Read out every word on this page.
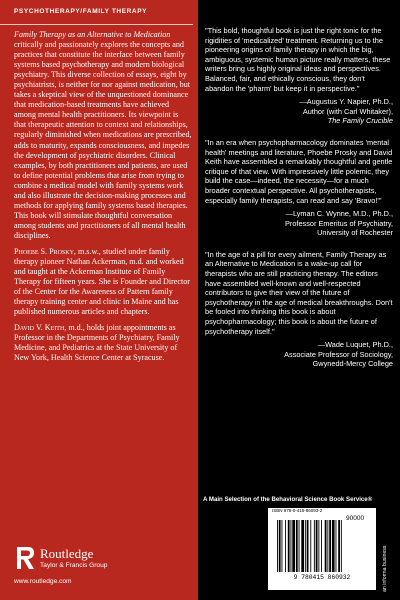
PSYCHOTHERAPY/FAMILY THERAPY

Family Therapy as an Alternative to Medication critically and passionately explores the concepts and practices that constitute the interface between family systems based psychotherapy and modern biological psychiatry. This diverse collection of essays, eight by psychiatrists, is neither for nor against medication, but takes a skeptical view of the unquestioned dominance that medication-based treatments have achieved among mental health practitioners. Its viewpoint is that therapeutic attention to context and relationships, regularly diminished when medications are prescribed, adds to maturity, expands consciousness, and impedes the development of psychiatric disorders. Clinical examples, by both practitioners and patients, are used to define potential problems that arise from trying to combine a medical model with family systems work and also illustrate the decision-making processes and methods for applying family systems based therapies. This book will stimulate thoughtful conversation among students and practitioners of all mental health disciplines.

Phoebe S. Prosky, m.s.w., studied under family therapy pioneer Nathan Ackerman, m.d. and worked and taught at the Ackerman Institute of Family Therapy for fifteen years. She is Founder and Director of the Center for the Awareness of Pattern family therapy training center and clinic in Maine and has published numerous articles and chapters.

David V. Keith, m.d., holds joint appointments as Professor in the Departments of Psychiatry, Family Medicine, and Pediatrics at the State University of New York, Health Science Center at Syracuse.

"This bold, thoughtful book is just the right tonic for the rigidities of 'medicalized' treatment. Returning us to the pioneering origins of family therapy in which the big, ambiguous, systemic human picture really matters, these writers bring us highly original ideas and perspectives. Balanced, fair, and ethically conscious, they don't abandon the 'pharm' but keep it in perspective."

—Augustus Y. Napier, Ph.D.,
Author (with Carl Whitaker),
The Family Crucible

"In an era when psychopharmacology dominates 'mental health' meetings and literature, Phoebe Prosky and David Keith have assembled a remarkably thoughtful and gentle critique of that view. With impressively little polemic, they build the case—indeed, the necessity—for a much broader contextual perspective. All psychotherapists, especially family therapists, can read and say 'Bravo!'"

—Lyman C. Wynne, M.D., Ph.D.,
Professor Emeritus of Psychiatry,
University of Rochester

"In the age of a pill for every ailment, Family Therapy as an Alternative to Medication is a wake-up call for therapists who are still practicing therapy. The editors have assembled well-known and well-respected contributors to give their view of the future of psychotherapy in the age of medical breakthroughs. Don't be fooled into thinking this book is about psychopharmacology; this book is about the future of psychotherapy itself."

—Wade Luquet, Ph.D.,
Associate Professor of Sociology,
Gwynedd-Mercy College
A Main Selection of the Behavioral Science Book Service®
ISBN 978-0-415-86093-2
90000
9 780415 860932	an informa business
Routledge
Taylor & Francis Group
www.routledge.com
